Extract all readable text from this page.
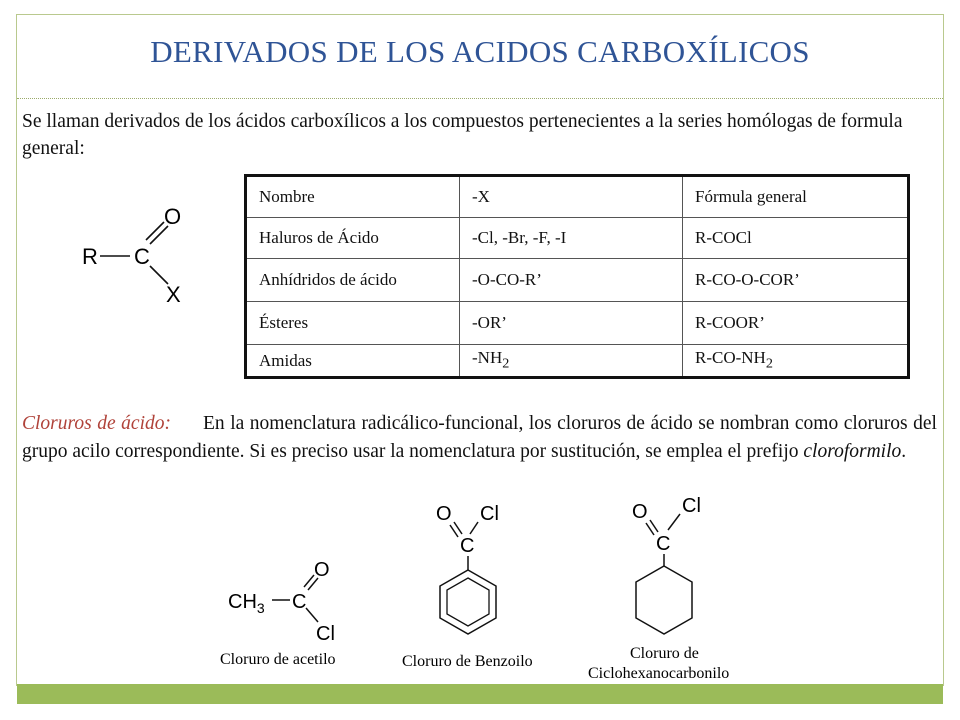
DERIVADOS DE LOS ACIDOS CARBOXÍLICOS
Se llaman derivados de los ácidos carboxílicos a los compuestos pertenecientes a la series homólogas de formula general:
R C
O
X
Nombre	-X	Fórmula general
Haluros de Ácido	-Cl, -Br, -F, -I	R-COCl
Anhídridos de ácido	-O-CO-R’	R-CO-O-COR’
Ésteres	-OR’	R-COOR’
Amidas	$-NH_2$	$R-CO-NH_2$
Cloruros de ácido: En la nomenclatura radicálico-funcional, los cloruros de ácido se nombran como cloruros del grupo acilo correspondiente. Si es preciso usar la nomenclatura por sustitución, se emplea el prefijo cloroformilo.
$CH_3$ C
O
Cl
Cloruro de acetilo
O Cl
C
Cloruro de Benzoilo
O Cl
C
Cloruro de
Ciclohexanocarbonilo
